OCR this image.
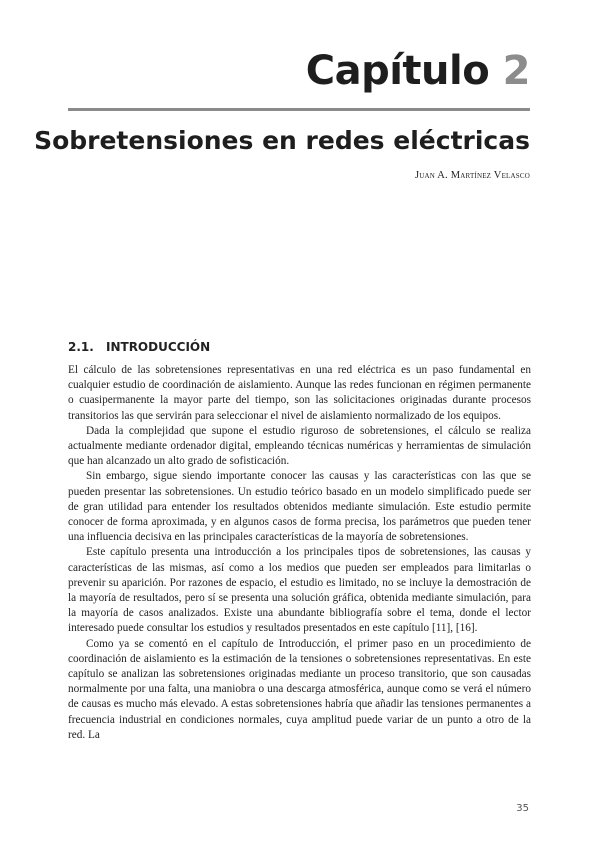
Capítulo 2
Sobretensiones en redes eléctricas
Juan A. Martínez Velasco
2.1. INTRODUCCIÓN

El cálculo de las sobretensiones representativas en una red eléctrica es un paso fundamental en cualquier estudio de coordinación de aislamiento. Aunque las redes funcionan en régimen permanente o cuasipermanente la mayor parte del tiempo, son las solicitaciones originadas durante procesos transitorios las que servirán para seleccionar el nivel de aislamiento normalizado de los equipos.

Dada la complejidad que supone el estudio riguroso de sobretensiones, el cálculo se realiza actualmente mediante ordenador digital, empleando técnicas numéricas y herramientas de simulación que han alcanzado un alto grado de sofisticación.

Sin embargo, sigue siendo importante conocer las causas y las características con las que se pueden presentar las sobretensiones. Un estudio teórico basado en un modelo simplificado puede ser de gran utilidad para entender los resultados obtenidos mediante simulación. Este estudio permite conocer de forma aproximada, y en algunos casos de forma precisa, los parámetros que pueden tener una influencia decisiva en las principales características de la mayoría de sobretensiones.

Este capítulo presenta una introducción a los principales tipos de sobretensiones, las causas y características de las mismas, así como a los medios que pueden ser empleados para limitarlas o prevenir su aparición. Por razones de espacio, el estudio es limitado, no se incluye la demostración de la mayoría de resultados, pero sí se presenta una solución gráfica, obtenida mediante simulación, para la mayoría de casos analizados. Existe una abundante bibliografía sobre el tema, donde el lector interesado puede consultar los estudios y resultados presentados en este capítulo [11], [16].

Como ya se comentó en el capítulo de Introducción, el primer paso en un procedimiento de coordinación de aislamiento es la estimación de la tensiones o sobretensiones representativas. En este capítulo se analizan las sobretensiones originadas mediante un proceso transitorio, que son causadas normalmente por una falta, una maniobra o una descarga atmosférica, aunque como se verá el número de causas es mucho más elevado. A estas sobretensiones habría que añadir las tensiones permanentes a frecuencia industrial en condiciones normales, cuya amplitud puede variar de un punto a otro de la red. La

35
